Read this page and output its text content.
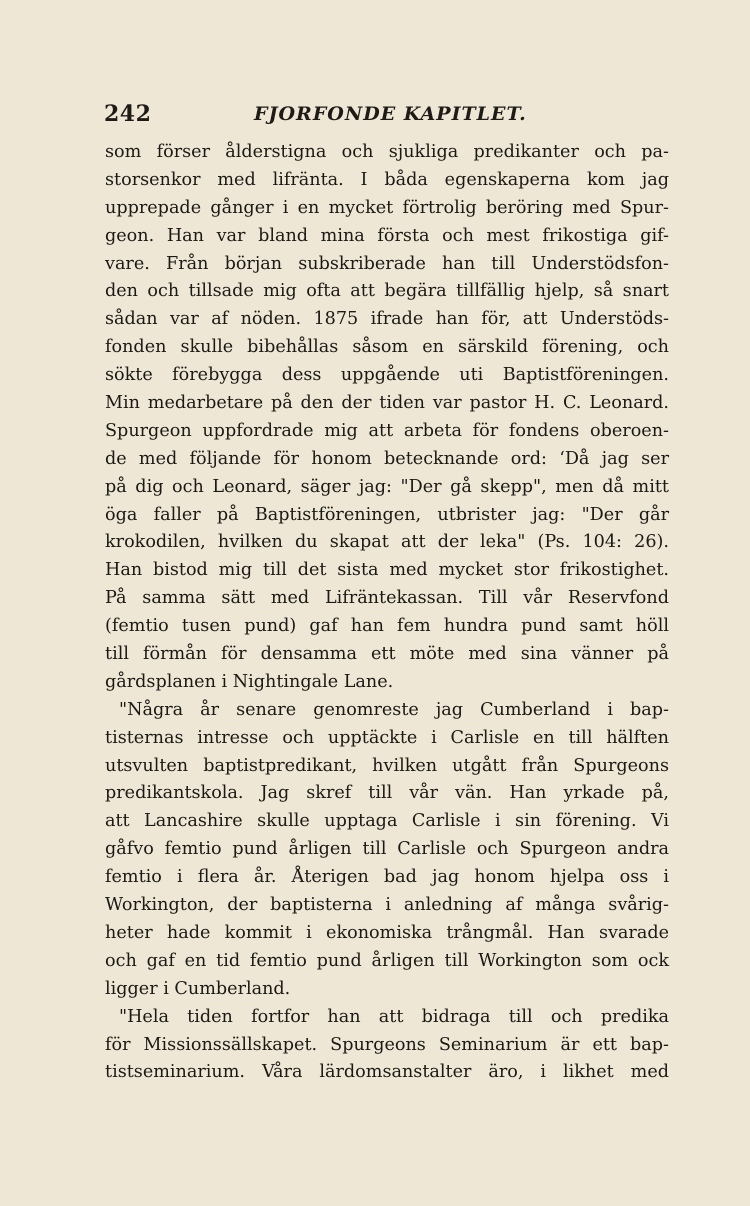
242	FJORFONDE KAPITLET.
som förser ålderstigna och sjukliga predikanter och pa-
storsenkor med lifränta. I båda egenskaperna kom jag
upprepade gånger i en mycket förtrolig beröring med Spur-
geon. Han var bland mina första och mest frikostiga gif-
vare. Från början subskriberade han till Understödsfon-
den och tillsade mig ofta att begära tillfällig hjelp, så snart
sådan var af nöden. 1875 ifrade han för, att Understöds-
fonden skulle bibehållas såsom en särskild förening, och
sökte förebygga dess uppgående uti Baptistföreningen.
Min medarbetare på den der tiden var pastor H. C. Leonard.
Spurgeon uppfordrade mig att arbeta för fondens oberoen-
de med följande för honom betecknande ord: ‘Då jag ser
på dig och Leonard, säger jag: "Der gå skepp", men då mitt
öga faller på Baptistföreningen, utbrister jag: "Der går
krokodilen, hvilken du skapat att der leka" (Ps. 104: 26).
Han bistod mig till det sista med mycket stor frikostighet.
På samma sätt med Lifräntekassan. Till vår Reservfond
(femtio tusen pund) gaf han fem hundra pund samt höll
till förmån för densamma ett möte med sina vänner på
gårdsplanen i Nightingale Lane.
"Några år senare genomreste jag Cumberland i bap-
tisternas intresse och upptäckte i Carlisle en till hälften
utsvulten baptistpredikant, hvilken utgått från Spurgeons
predikantskola. Jag skref till vår vän. Han yrkade på,
att Lancashire skulle upptaga Carlisle i sin förening. Vi
gåfvo femtio pund årligen till Carlisle och Spurgeon andra
femtio i flera år. Återigen bad jag honom hjelpa oss i
Workington, der baptisterna i anledning af många svårig-
heter hade kommit i ekonomiska trångmål. Han svarade
och gaf en tid femtio pund årligen till Workington som ock
ligger i Cumberland.
"Hela tiden fortfor han att bidraga till och predika
för Missionssällskapet. Spurgeons Seminarium är ett bap-
tistseminarium. Våra lärdomsanstalter äro, i likhet med
